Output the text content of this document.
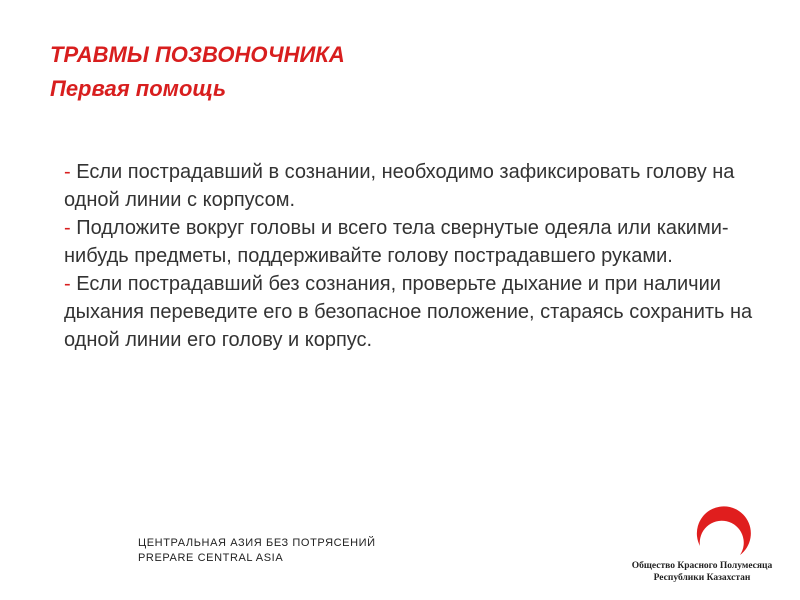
ТРАВМЫ ПОЗВОНОЧНИКА

Первая помощь

- Если пострадавший в сознании, необходимо зафиксировать голову на одной линии с корпусом.

- Подложите вокруг головы и всего тела свернутые одеяла или какими-нибудь предметы, поддерживайте голову пострадавшего руками.

- Если пострадавший без сознания, проверьте дыхание и при наличии дыхания переведите его в безопасное положение, стараясь сохранить на одной линии его голову и корпус.

ЦЕНТРАЛЬНАЯ АЗИЯ БЕЗ ПОТРЯСЕНИЙ
PREPARE CENTRAL ASIA
Общество Красного Полумесяца
Республики Казахстан
